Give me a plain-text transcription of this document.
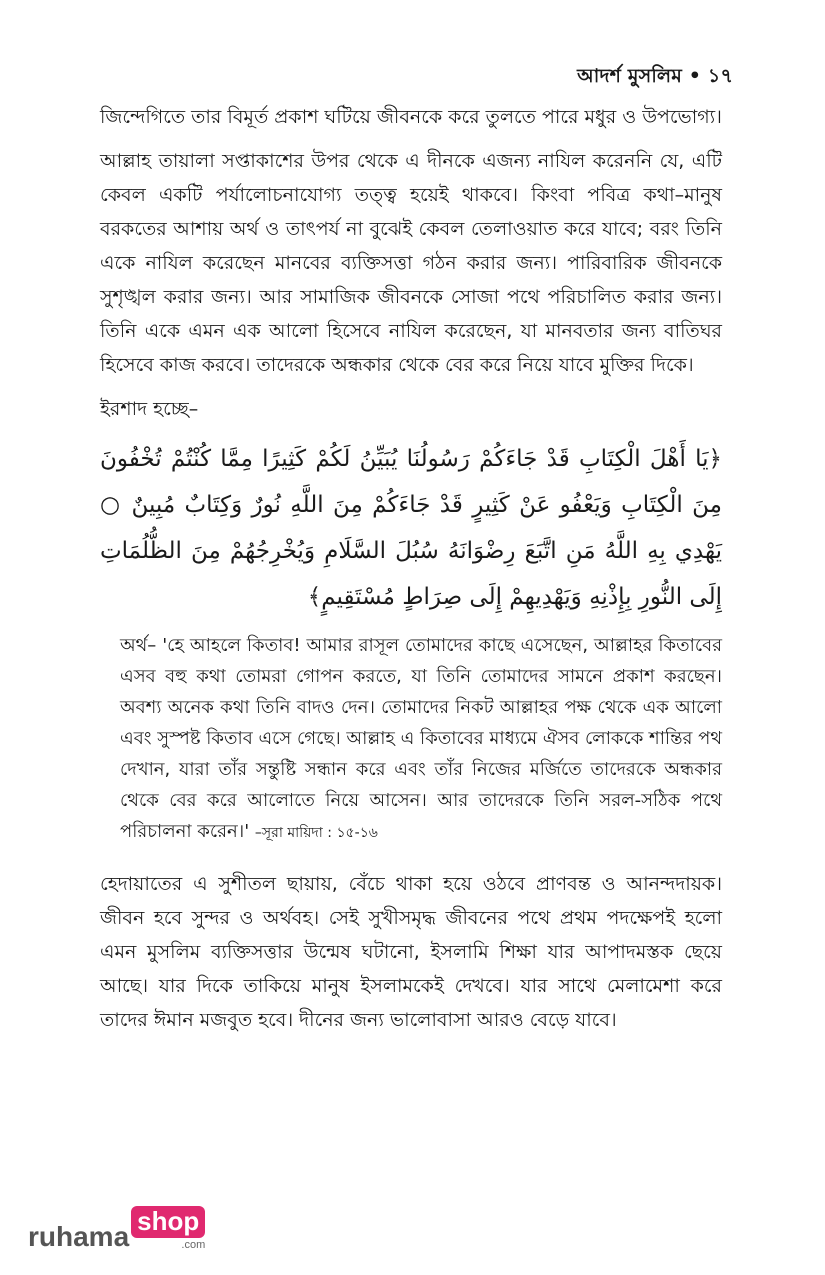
আদর্শ মুসলিম • ১৭

জিন্দেগিতে তার বিমূর্ত প্রকাশ ঘটিয়ে জীবনকে করে তুলতে পারে মধুর ও উপভোগ্য।

আল্লাহ তায়ালা সপ্তাকাশের উপর থেকে এ দীনকে এজন্য নাযিল করেননি যে, এটি কেবল একটি পর্যালোচনাযোগ্য তত্ত্ব হয়েই থাকবে। কিংবা পবিত্র কথা–মানুষ বরকতের আশায় অর্থ ও তাৎপর্য না বুঝেই কেবল তেলাওয়াত করে যাবে; বরং তিনি একে নাযিল করেছেন মানবের ব্যক্তিসত্তা গঠন করার জন্য। পারিবারিক জীবনকে সুশৃঙ্খল করার জন্য। আর সামাজিক জীবনকে সোজা পথে পরিচালিত করার জন্য। তিনি একে এমন এক আলো হিসেবে নাযিল করেছেন, যা মানবতার জন্য বাতিঘর হিসেবে কাজ করবে। তাদেরকে অন্ধকার থেকে বের করে নিয়ে যাবে মুক্তির দিকে।

ইরশাদ হচ্ছে–

﴿يَا أَهْلَ الْكِتَابِ قَدْ جَاءَكُمْ رَسُولُنَا يُبَيِّنُ لَكُمْ كَثِيرًا مِمَّا كُنْتُمْ تُخْفُونَ مِنَ الْكِتَابِ وَيَعْفُو عَنْ كَثِيرٍ قَدْ جَاءَكُمْ مِنَ اللَّهِ نُورٌ وَكِتَابٌ مُبِينٌ ○ يَهْدِي بِهِ اللَّهُ مَنِ اتَّبَعَ رِضْوَانَهُ سُبُلَ السَّلَامِ وَيُخْرِجُهُمْ مِنَ الظُّلُمَاتِ إِلَى النُّورِ بِإِذْنِهِ وَيَهْدِيهِمْ إِلَى صِرَاطٍ مُسْتَقِيمٍ﴾

অর্থ– 'হে আহলে কিতাব! আমার রাসূল তোমাদের কাছে এসেছেন, আল্লাহর কিতাবের এসব বহু কথা তোমরা গোপন করতে, যা তিনি তোমাদের সামনে প্রকাশ করছেন। অবশ্য অনেক কথা তিনি বাদও দেন। তোমাদের নিকট আল্লাহর পক্ষ থেকে এক আলো এবং সুস্পষ্ট কিতাব এসে গেছে। আল্লাহ এ কিতাবের মাধ্যমে ঐসব লোককে শান্তির পথ দেখান, যারা তাঁর সন্তুষ্টি সন্ধান করে এবং তাঁর নিজের মর্জিতে তাদেরকে অন্ধকার থেকে বের করে আলোতে নিয়ে আসেন। আর তাদেরকে তিনি সরল-সঠিক পথে পরিচালনা করেন।' –সূরা মায়িদা : ১৫-১৬

হেদায়াতের এ সুশীতল ছায়ায়, বেঁচে থাকা হয়ে ওঠবে প্রাণবন্ত ও আনন্দদায়ক। জীবন হবে সুন্দর ও অর্থবহ। সেই সুখীসমৃদ্ধ জীবনের পথে প্রথম পদক্ষেপই হলো এমন মুসলিম ব্যক্তিসত্তার উন্মেষ ঘটানো, ইসলামি শিক্ষা যার আপাদমস্তক ছেয়ে আছে। যার দিকে তাকিয়ে মানুষ ইসলামকেই দেখবে। যার সাথে মেলামেশা করে তাদের ঈমান মজবুত হবে। দীনের জন্য ভালোবাসা আরও বেড়ে যাবে।

ruhama shop
.com
